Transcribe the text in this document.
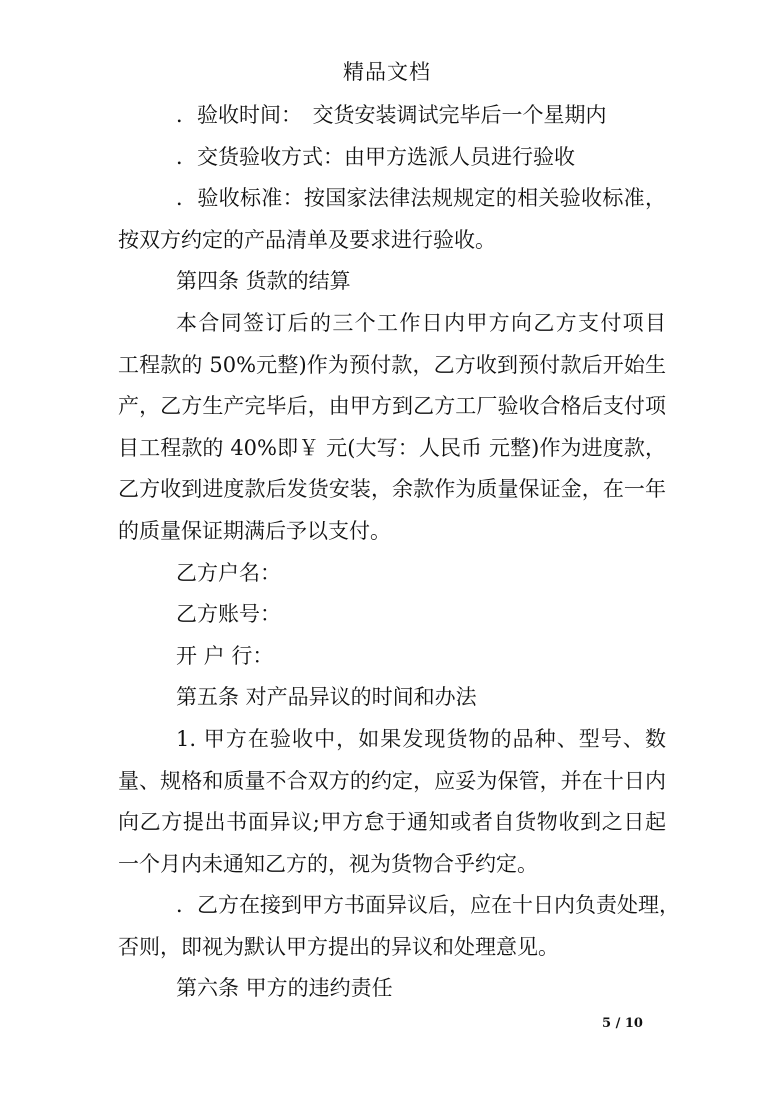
精品文档
．验收时间：　交货安装调试完毕后一个星期内
．交货验收方式：由甲方选派人员进行验收
．验收标准：按国家法律法规规定的相关验收标准，
按双方约定的产品清单及要求进行验收。
第四条 货款的结算
本合同签订后的三个工作日内甲方向乙方支付项目
工程款的 50%元整)作为预付款，乙方收到预付款后开始生
产，乙方生产完毕后，由甲方到乙方工厂验收合格后支付项
目工程款的 40%即￥ 元(大写：人民币 元整)作为进度款，
乙方收到进度款后发货安装，余款作为质量保证金，在一年
的质量保证期满后予以支付。
乙方户名：
乙方账号：
开 户 行：
第五条 对产品异议的时间和办法
1. 甲方在验收中，如果发现货物的品种、型号、数
量、规格和质量不合双方的约定，应妥为保管，并在十日内
向乙方提出书面异议;甲方怠于通知或者自货物收到之日起
一个月内未通知乙方的，视为货物合乎约定。
．乙方在接到甲方书面异议后，应在十日内负责处理，
否则，即视为默认甲方提出的异议和处理意见。
第六条 甲方的违约责任
5 / 10
